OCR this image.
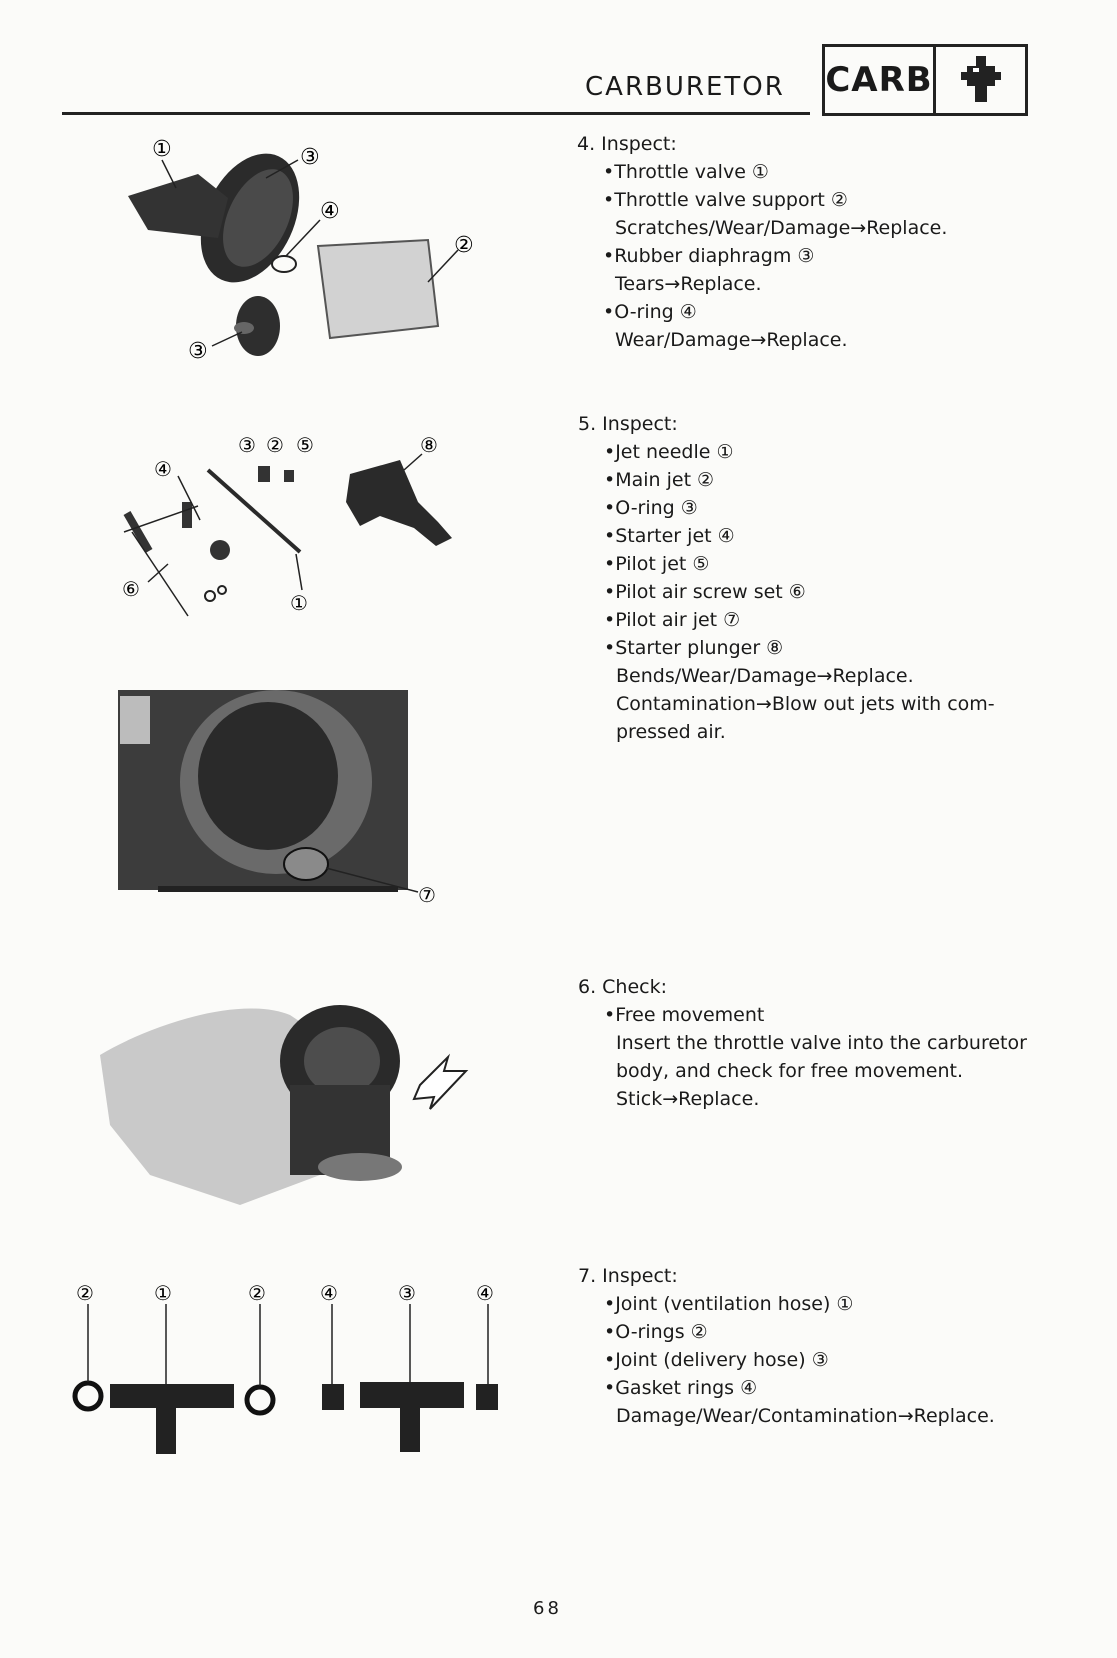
CARBURETOR CARB
①	③
④
②
③
③ ② ⑤	⑧
④
⑥
①
⑦
②	①	②	④	③	④
4. Inspect:
•Throttle valve ①
•Throttle valve support ②
Scratches/Wear/Damage→Replace.
•Rubber diaphragm ③
Tears→Replace.
•O-ring ④
Wear/Damage→Replace.
5. Inspect:
•Jet needle ①
•Main jet ②
•O-ring ③
•Starter jet ④
•Pilot jet ⑤
•Pilot air screw set ⑥
•Pilot air jet ⑦
•Starter plunger ⑧
Bends/Wear/Damage→Replace.
Contamination→Blow out jets with com-
pressed air.
6. Check:
•Free movement
Insert the throttle valve into the carburetor
body, and check for free movement.
Stick→Replace.
7. Inspect:
•Joint (ventilation hose) ①
•O-rings ②
•Joint (delivery hose) ③
•Gasket rings ④
Damage/Wear/Contamination→Replace.
68
